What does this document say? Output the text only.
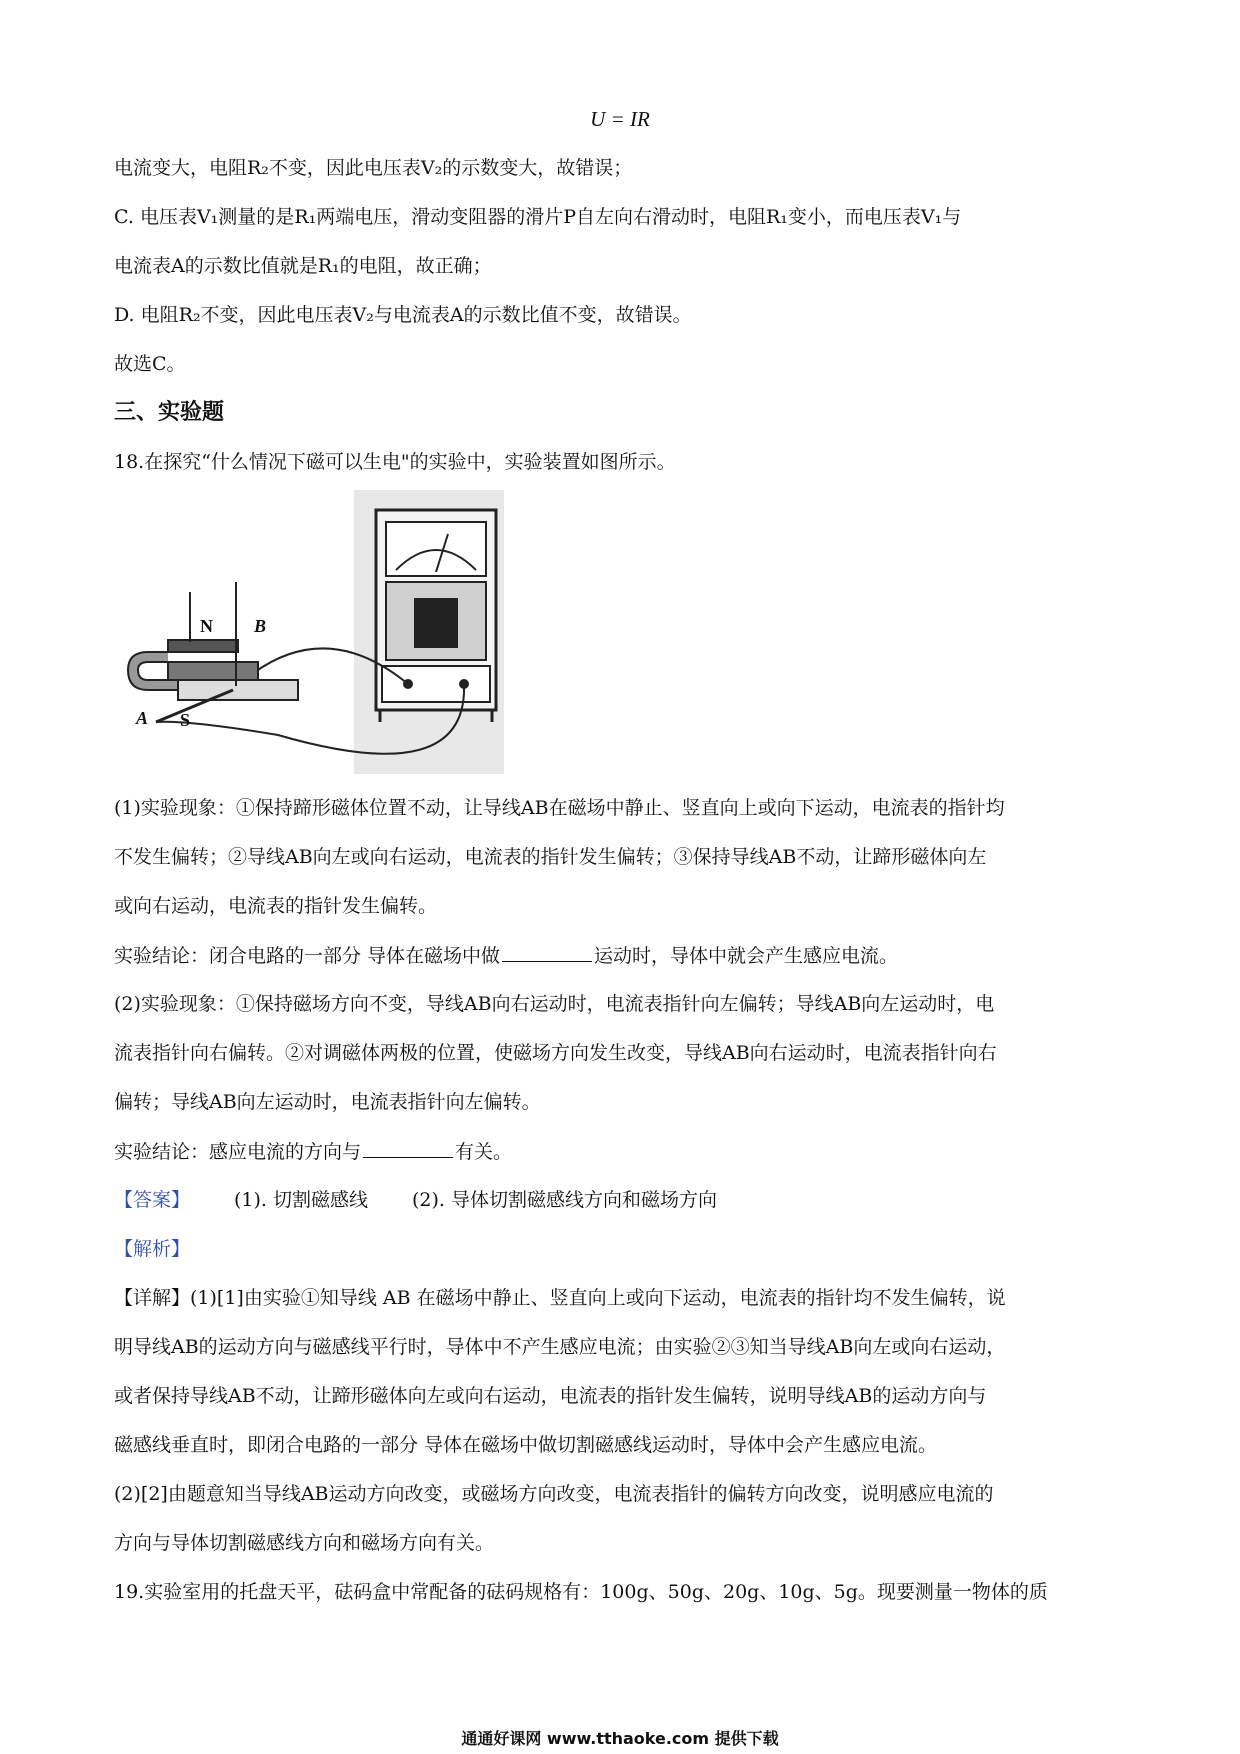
U = IR
电流变大，电阻R₂不变，因此电压表V₂的示数变大，故错误；
C. 电压表V₁测量的是R₁两端电压，滑动变阻器的滑片P自左向右滑动时，电阻R₁变小，而电压表V₁与
电流表A的示数比值就是R₁的电阻，故正确；
D. 电阻R₂不变，因此电压表V₂与电流表A的示数比值不变，故错误。
故选C。
三、实验题
18.在探究“什么情况下磁可以生电"的实验中，实验装置如图所示。
N B
A S
(1)实验现象：①保持蹄形磁体位置不动，让导线AB在磁场中静止、竖直向上或向下运动，电流表的指针均
不发生偏转；②导线AB向左或向右运动，电流表的指针发生偏转；③保持导线AB不动，让蹄形磁体向左
或向右运动，电流表的指针发生偏转。
实验结论：闭合电路的一部分 导体在磁场中做	运动时，导体中就会产生感应电流。
(2)实验现象：①保持磁场方向不变，导线AB向右运动时，电流表指针向左偏转；导线AB向左运动时，电
流表指针向右偏转。②对调磁体两极的位置，使磁场方向发生改变，导线AB向右运动时，电流表指针向右
偏转；导线AB向左运动时，电流表指针向左偏转。
实验结论：感应电流的方向与	有关。
【答案】 (1). 切割磁感线 (2). 导体切割磁感线方向和磁场方向
【解析】
【详解】(1)[1]由实验①知导线 AB 在磁场中静止、竖直向上或向下运动，电流表的指针均不发生偏转，说
明导线AB的运动方向与磁感线平行时，导体中不产生感应电流；由实验②③知当导线AB向左或向右运动，
或者保持导线AB不动，让蹄形磁体向左或向右运动，电流表的指针发生偏转，说明导线AB的运动方向与
磁感线垂直时，即闭合电路的一部分 导体在磁场中做切割磁感线运动时，导体中会产生感应电流。
(2)[2]由题意知当导线AB运动方向改变，或磁场方向改变，电流表指针的偏转方向改变，说明感应电流的
方向与导体切割磁感线方向和磁场方向有关。
19.实验室用的托盘天平，砝码盒中常配备的砝码规格有：100g、50g、20g、10g、5g。现要测量一物体的质
通通好课网 www.tthaoke.com 提供下载
